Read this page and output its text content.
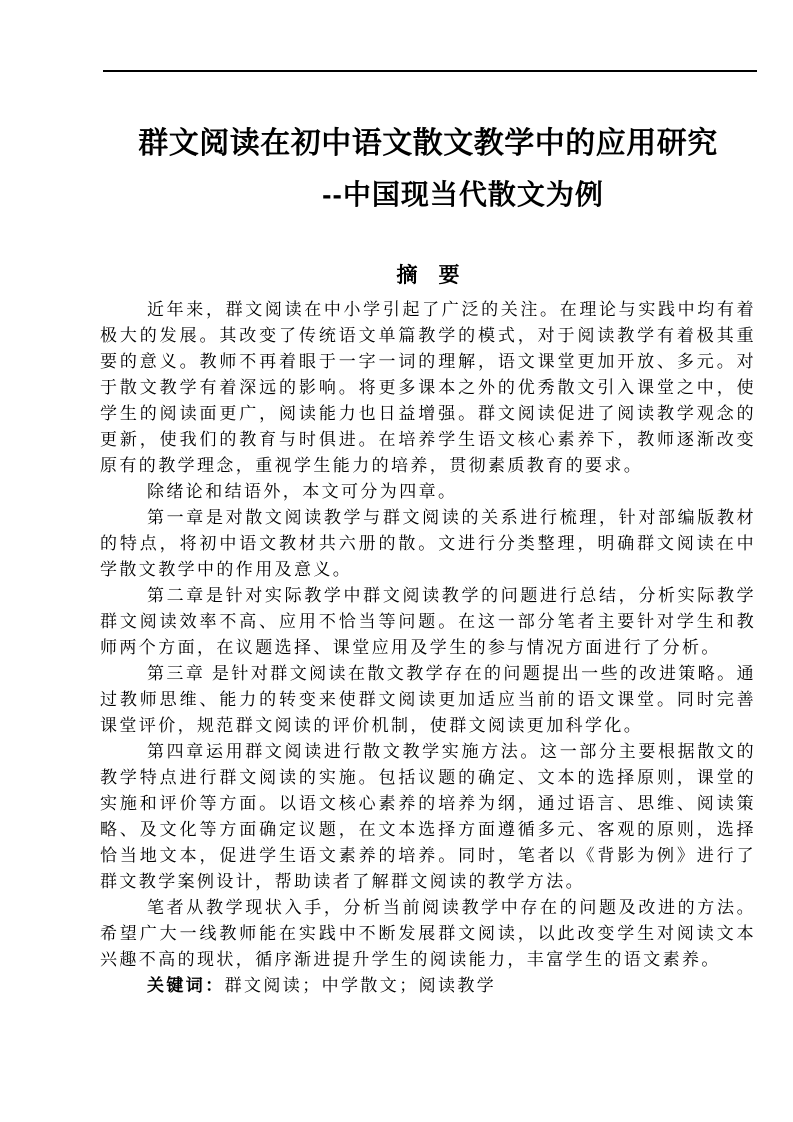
群文阅读在初中语文散文教学中的应用研究
--中国现当代散文为例
摘　要

近年来，群文阅读在中小学引起了广泛的关注。在理论与实践中均有着极大的发展。其改变了传统语文单篇教学的模式，对于阅读教学有着极其重要的意义。教师不再着眼于一字一词的理解，语文课堂更加开放、多元。对于散文教学有着深远的影响。将更多课本之外的优秀散文引入课堂之中，使学生的阅读面更广，阅读能力也日益增强。群文阅读促进了阅读教学观念的更新，使我们的教育与时俱进。在培养学生语文核心素养下，教师逐渐改变原有的教学理念，重视学生能力的培养，贯彻素质教育的要求。

除绪论和结语外，本文可分为四章。

第一章是对散文阅读教学与群文阅读的关系进行梳理，针对部编版教材的特点，将初中语文教材共六册的散。文进行分类整理，明确群文阅读在中学散文教学中的作用及意义。

第二章是针对实际教学中群文阅读教学的问题进行总结，分析实际教学群文阅读效率不高、应用不恰当等问题。在这一部分笔者主要针对学生和教师两个方面，在议题选择、课堂应用及学生的参与情况方面进行了分析。

第三章 是针对群文阅读在散文教学存在的问题提出一些的改进策略。通过教师思维、能力的转变来使群文阅读更加适应当前的语文课堂。同时完善课堂评价，规范群文阅读的评价机制，使群文阅读更加科学化。

第四章运用群文阅读进行散文教学实施方法。这一部分主要根据散文的教学特点进行群文阅读的实施。包括议题的确定、文本的选择原则，课堂的实施和评价等方面。以语文核心素养的培养为纲，通过语言、思维、阅读策略、及文化等方面确定议题，在文本选择方面遵循多元、客观的原则，选择恰当地文本，促进学生语文素养的培养。同时，笔者以《背影为例》进行了群文教学案例设计，帮助读者了解群文阅读的教学方法。

笔者从教学现状入手，分析当前阅读教学中存在的问题及改进的方法。希望广大一线教师能在实践中不断发展群文阅读，以此改变学生对阅读文本兴趣不高的现状，循序渐进提升学生的阅读能力，丰富学生的语文素养。

关键词：群文阅读；中学散文；阅读教学
